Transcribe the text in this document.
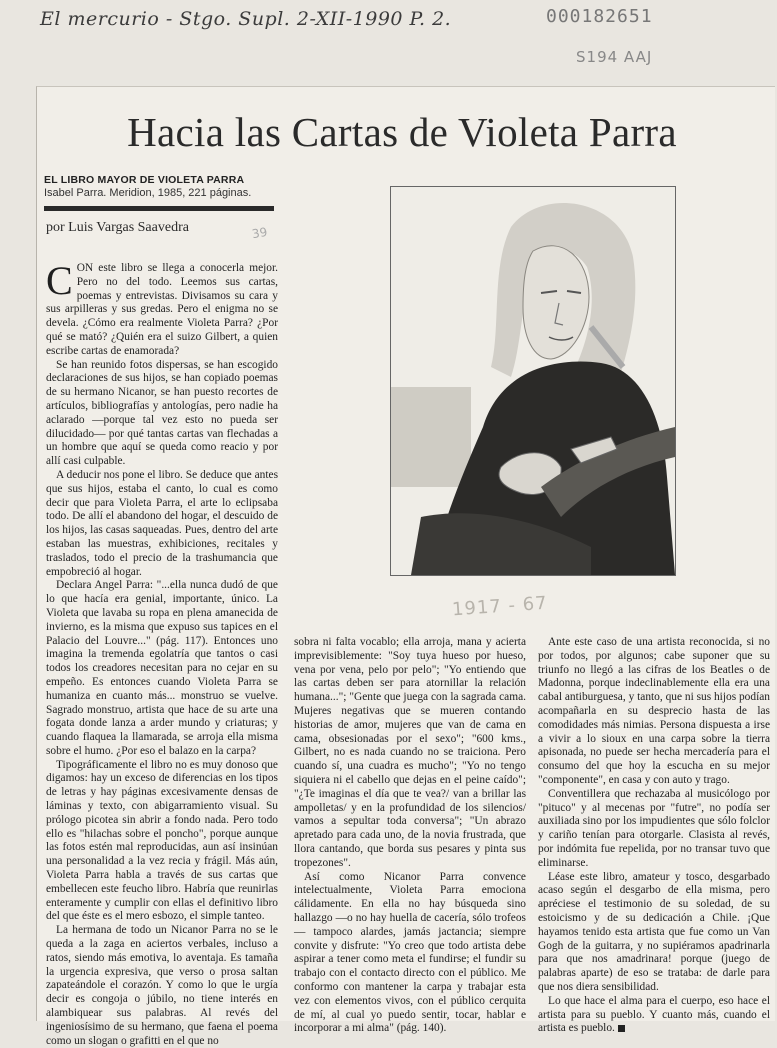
El mercurio - Stgo. Supl. 2-XII-1990 P. 2.	000182651
S194 AAJ
Hacia las Cartas de Violeta Parra
EL LIBRO MAYOR DE VIOLETA PARRA
Isabel Parra. Meridion, 1985, 221 páginas.
por Luis Vargas Saavedra	39
1917 - 67

CON este libro se llega a conocerla mejor. Pero no del todo. Leemos sus cartas, poemas y entrevistas. Divisamos su cara y sus arpilleras y sus gredas. Pero el enigma no se devela. ¿Cómo era realmente Violeta Parra? ¿Por qué se mató? ¿Quién era el suizo Gilbert, a quien escribe cartas de enamorada?

Se han reunido fotos dispersas, se han escogido declaraciones de sus hijos, se han copiado poemas de su hermano Nicanor, se han puesto recortes de artículos, bibliografías y antologías, pero nadie ha aclarado —porque tal vez esto no pueda ser dilucidado— por qué tantas cartas van flechadas a un hombre que aquí se queda como reacio y por allí casi culpable.

A deducir nos pone el libro. Se deduce que antes que sus hijos, estaba el canto, lo cual es como decir que para Violeta Parra, el arte lo eclipsaba todo. De allí el abandono del hogar, el descuido de los hijos, las casas saqueadas. Pues, dentro del arte estaban las muestras, exhibiciones, recitales y traslados, todo el precio de la trashumancia que empobreció al hogar.

Declara Angel Parra: "...ella nunca dudó de que lo que hacía era genial, importante, único. La Violeta que lavaba su ropa en plena amanecida de invierno, es la misma que expuso sus tapices en el Palacio del Louvre..." (pág. 117). Entonces uno imagina la tremenda egolatría que tantos o casi todos los creadores necesitan para no cejar en su empeño. Es entonces cuando Violeta Parra se humaniza en cuanto más... monstruo se vuelve. Sagrado monstruo, artista que hace de su arte una fogata donde lanza a arder mundo y criaturas; y cuando flaquea la llamarada, se arroja ella misma sobre el humo. ¿Por eso el balazo en la carpa?

Tipográficamente el libro no es muy donoso que digamos: hay un exceso de diferencias en los tipos de letras y hay páginas excesivamente densas de láminas y texto, con abigarramiento visual. Su prólogo picotea sin abrir a fondo nada. Pero todo ello es "hilachas sobre el poncho", porque aunque las fotos estén mal reproducidas, aun así insinúan una personalidad a la vez recia y frágil. Más aún, Violeta Parra habla a través de sus cartas que embellecen este feucho libro. Habría que reunirlas enteramente y cumplir con ellas el definitivo libro del que éste es el mero esbozo, el simple tanteo.

La hermana de todo un Nicanor Parra no se le queda a la zaga en aciertos verbales, incluso a ratos, siendo más emotiva, lo aventaja. Es tamaña la urgencia expresiva, que verso o prosa saltan zapateándole el corazón. Y como lo que le urgía decir es congoja o júbilo, no tiene interés en alambiquear sus palabras. Al revés del ingeniosísimo de su hermano, que faena el poema como un slogan o grafitti en el que no

sobra ni falta vocablo; ella arroja, mana y acierta imprevisiblemente: "Soy tuya hueso por hueso, vena por vena, pelo por pelo"; "Yo entiendo que las cartas deben ser para atornillar la relación humana..."; "Gente que juega con la sagrada cama. Mujeres negativas que se mueren contando historias de amor, mujeres que van de cama en cama, obsesionadas por el sexo"; "600 kms., Gilbert, no es nada cuando no se traiciona. Pero cuando sí, una cuadra es mucho"; "Yo no tengo siquiera ni el cabello que dejas en el peine caído"; "¿Te imaginas el día que te vea?/ van a brillar las ampolletas/ y en la profundidad de los silencios/ vamos a sepultar toda conversa"; "Un abrazo apretado para cada uno, de la novia frustrada, que llora cantando, que borda sus pesares y pinta sus tropezones".

Así como Nicanor Parra convence intelectualmente, Violeta Parra emociona cálidamente. En ella no hay búsqueda sino hallazgo —o no hay huella de cacería, sólo trofeos— tampoco alardes, jamás jactancia; siempre convite y disfrute: "Yo creo que todo artista debe aspirar a tener como meta el fundirse; el fundir su trabajo con el contacto directo con el público. Me conformo con mantener la carpa y trabajar esta vez con elementos vivos, con el público cerquita de mí, al cual yo puedo sentir, tocar, hablar e incorporar a mi alma" (pág. 140).

Ante este caso de una artista reconocida, si no por todos, por algunos; cabe suponer que su triunfo no llegó a las cifras de los Beatles o de Madonna, porque indeclinablemente ella era una cabal antiburguesa, y tanto, que ni sus hijos podían acompañarla en su desprecio hasta de las comodidades más nimias. Persona dispuesta a irse a vivir a lo sioux en una carpa sobre la tierra apisonada, no puede ser hecha mercadería para el consumo del que hoy la escucha en su mejor "componente", en casa y con auto y trago.

Conventillera que rechazaba al musicólogo por "pituco" y al mecenas por "futre", no podía ser auxiliada sino por los impudientes que sólo folclor y cariño tenían para otorgarle. Clasista al revés, por indómita fue repelida, por no transar tuvo que eliminarse.

Léase este libro, amateur y tosco, desgarbado acaso según el desgarbo de ella misma, pero apréciese el testimonio de su soledad, de su estoicismo y de su dedicación a Chile. ¡Que hayamos tenido esta artista que fue como un Van Gogh de la guitarra, y no supiéramos apadrinarla para que nos amadrinara! porque (juego de palabras aparte) de eso se trataba: de darle para que nos diera sensibilidad.

Lo que hace el alma para el cuerpo, eso hace el artista para su pueblo. Y cuanto más, cuando el artista es pueblo.
